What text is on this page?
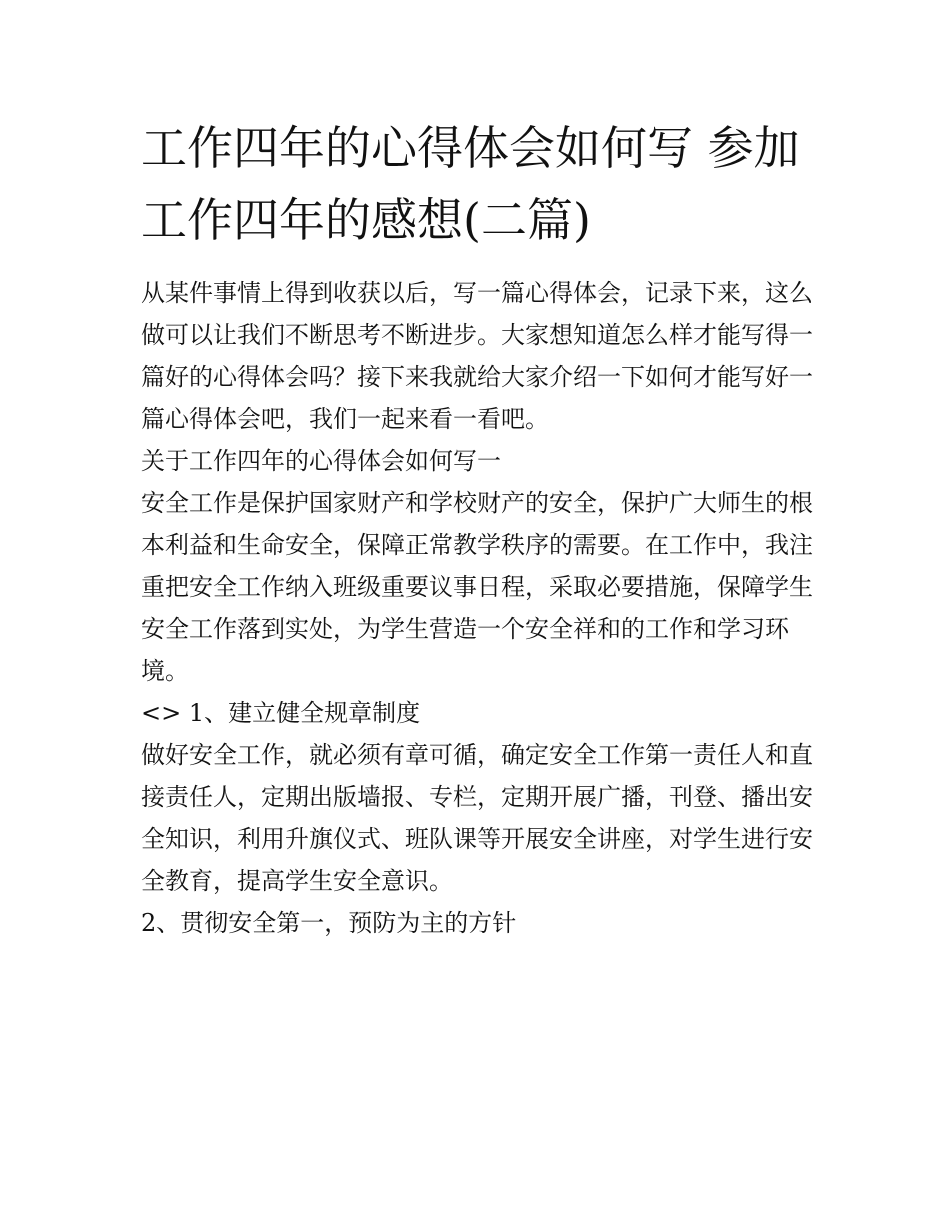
工作四年的心得体会如何写 参加工作四年的感想(二篇)

从某件事情上得到收获以后，写一篇心得体会，记录下来，这么做可以让我们不断思考不断进步。大家想知道怎么样才能写得一篇好的心得体会吗？接下来我就给大家介绍一下如何才能写好一篇心得体会吧，我们一起来看一看吧。

关于工作四年的心得体会如何写一

安全工作是保护国家财产和学校财产的安全，保护广大师生的根本利益和生命安全，保障正常教学秩序的需要。在工作中，我注重把安全工作纳入班级重要议事日程，采取必要措施，保障学生安全工作落到实处，为学生营造一个安全祥和的工作和学习环境。

<> 1、建立健全规章制度

做好安全工作，就必须有章可循，确定安全工作第一责任人和直接责任人，定期出版墙报、专栏，定期开展广播，刊登、播出安全知识，利用升旗仪式、班队课等开展安全讲座，对学生进行安全教育，提高学生安全意识。

2、贯彻安全第一，预防为主的方针
